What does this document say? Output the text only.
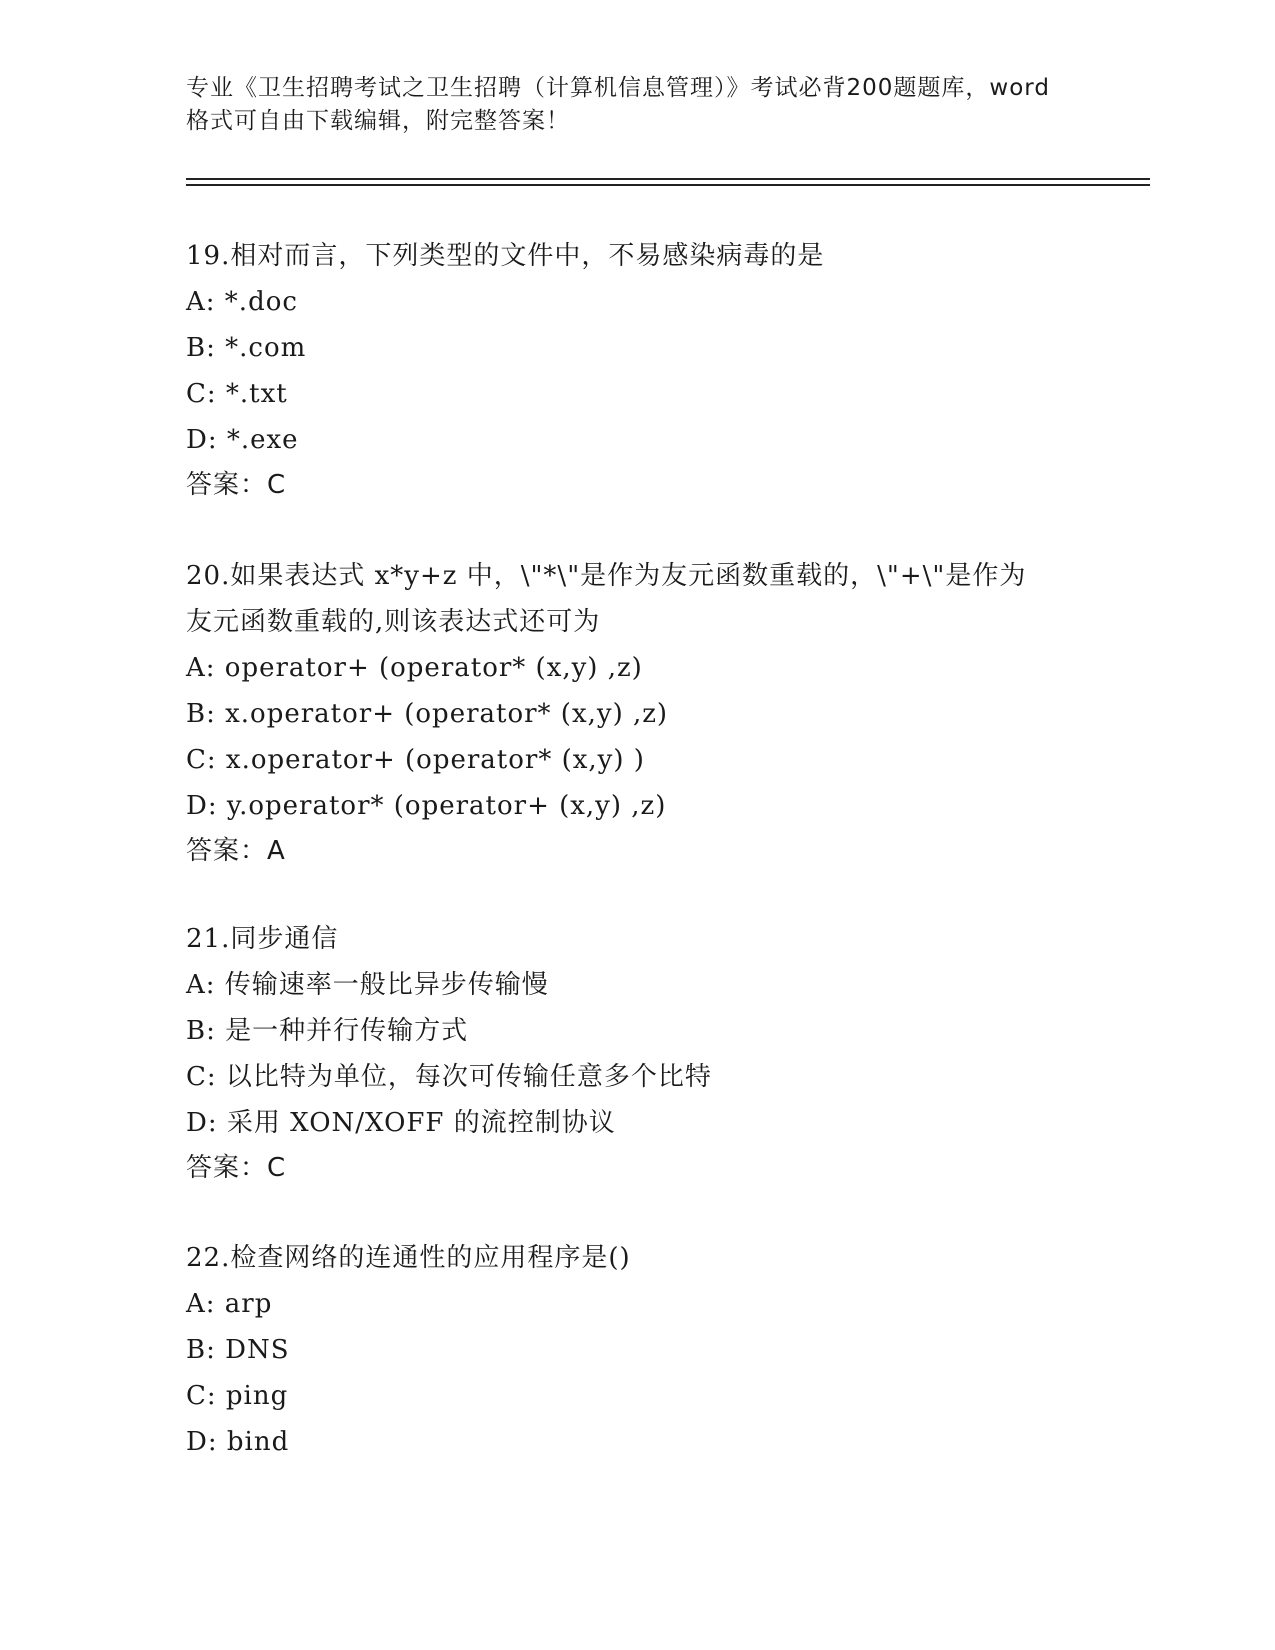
专业《卫生招聘考试之卫生招聘（计算机信息管理）》考试必背200题题库，word
格式可自由下载编辑，附完整答案！
19.相对而言，下列类型的文件中，不易感染病毒的是
A: *.doc
B: *.com
C: *.txt
D: *.exe
答案：C
20.如果表达式 x*y+z 中，\"*\"是作为友元函数重载的，\"+\"是作为
友元函数重载的,则该表达式还可为
A: operator+ (operator* (x,y) ,z)
B: x.operator+ (operator* (x,y) ,z)
C: x.operator+ (operator* (x,y) )
D: y.operator* (operator+ (x,y) ,z)
答案：A
21.同步通信
A: 传输速率一般比异步传输慢
B: 是一种并行传输方式
C: 以比特为单位，每次可传输任意多个比特
D: 采用 XON/XOFF 的流控制协议
答案：C
22.检查网络的连通性的应用程序是()
A: arp
B: DNS
C: ping
D: bind
